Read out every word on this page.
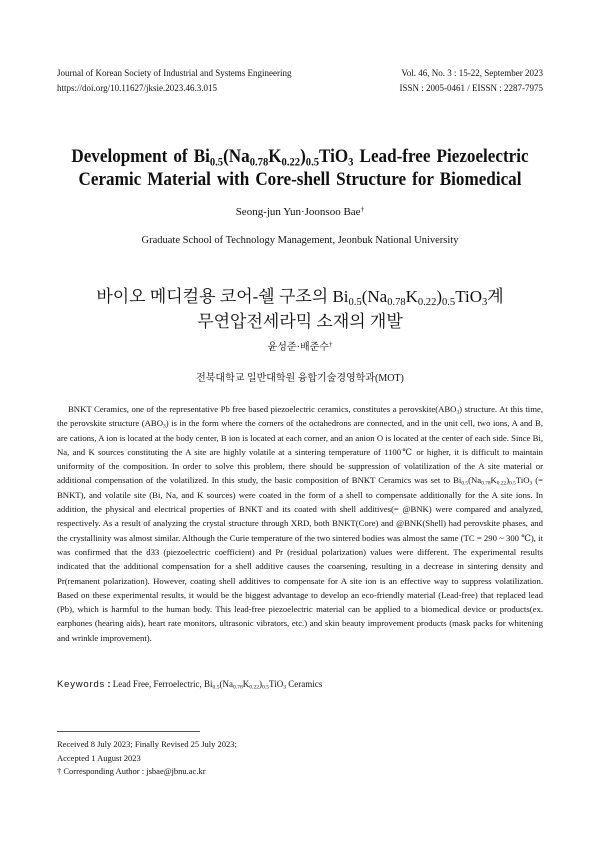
Journal of Korean Society of Industrial and Systems Engineering
https://doi.org/10.11627/jksie.2023.46.3.015
Vol. 46, No. 3 : 15-22, September 2023
ISSN : 2005-0461 / EISSN : 2287-7975
Development of $Bi_{0.5}(Na_{0.78}K_{0.22})_{0.5}TiO_3$ Lead-free Piezoelectric
Ceramic Material with Core-shell Structure for Biomedical
Seong-jun Yun·Joonsoo Bae†
Graduate School of Technology Management, Jeonbuk National University
바이오 메디컬용 코어-쉘 구조의 $Bi_{0.5}(Na_{0.78}K_{0.22})_{0.5}TiO_3$계
무연압전세라믹 소재의 개발
윤성준·배준수†
전북대학교 일반대학원 융합기술경영학과(MOT)

BNKT Ceramics, one of the representative Pb free based piezoelectric ceramics, constitutes a $perovskite(ABO_3)$ structure. At this time, the perovskite structure $(ABO_3)$ is in the form where the corners of the octahedrons are connected, and in the unit cell, two ions, A and B, are cations, A ion is located at the body center, B ion is located at each corner, and an anion O is located at the center of each side. Since Bi, Na, and K sources constituting the A site are highly volatile at a sintering temperature of 1100℃ or higher, it is difficult to maintain uniformity of the composition. In order to solve this problem, there should be suppression of volatilization of the A site material or additional compensation of the volatilized. In this study, the basic composition of BNKT Ceramics was set to $Bi_{0.5}(Na_{0.78}K_{0.22})_{0.5}TiO_3$ (= BNKT), and volatile site (Bi, Na, and K sources) were coated in the form of a shell to compensate additionally for the A site ions. In addition, the physical and electrical properties of BNKT and its coated with shell additives(= @BNK) were compared and analyzed, respectively. As a result of analyzing the crystal structure through XRD, both BNKT(Core) and @BNK(Shell) had perovskite phases, and the crystallinity was almost similar. Although the Curie temperature of the two sintered bodies was almost the same (TC = 290 ~ 300 ℃), it was confirmed that the d33 (piezoelectric coefficient) and Pr (residual polarization) values were different. The experimental results indicated that the additional compensation for a shell additive causes the coarsening, resulting in a decrease in sintering density and Pr(remanent polarization). However, coating shell additives to compensate for A site ion is an effective way to suppress volatilization. Based on these experimental results, it would be the biggest advantage to develop an eco-friendly material (Lead-free) that replaced lead (Pb), which is harmful to the human body. This lead-free piezoelectric material can be applied to a biomedical device or products(ex. earphones (hearing aids), heart rate monitors, ultrasonic vibrators, etc.) and skin beauty improvement products (mask packs for whitening and wrinkle improvement).

Keywords : Lead Free, Ferroelectric, $Bi_{0.5}(Na_{0.78}K_{0.22})_{0.5}TiO_3$ Ceramics
Received 8 July 2023; Finally Revised 25 July 2023;
Accepted 1 August 2023
† Corresponding Author : jsbae@jbnu.ac.kr
